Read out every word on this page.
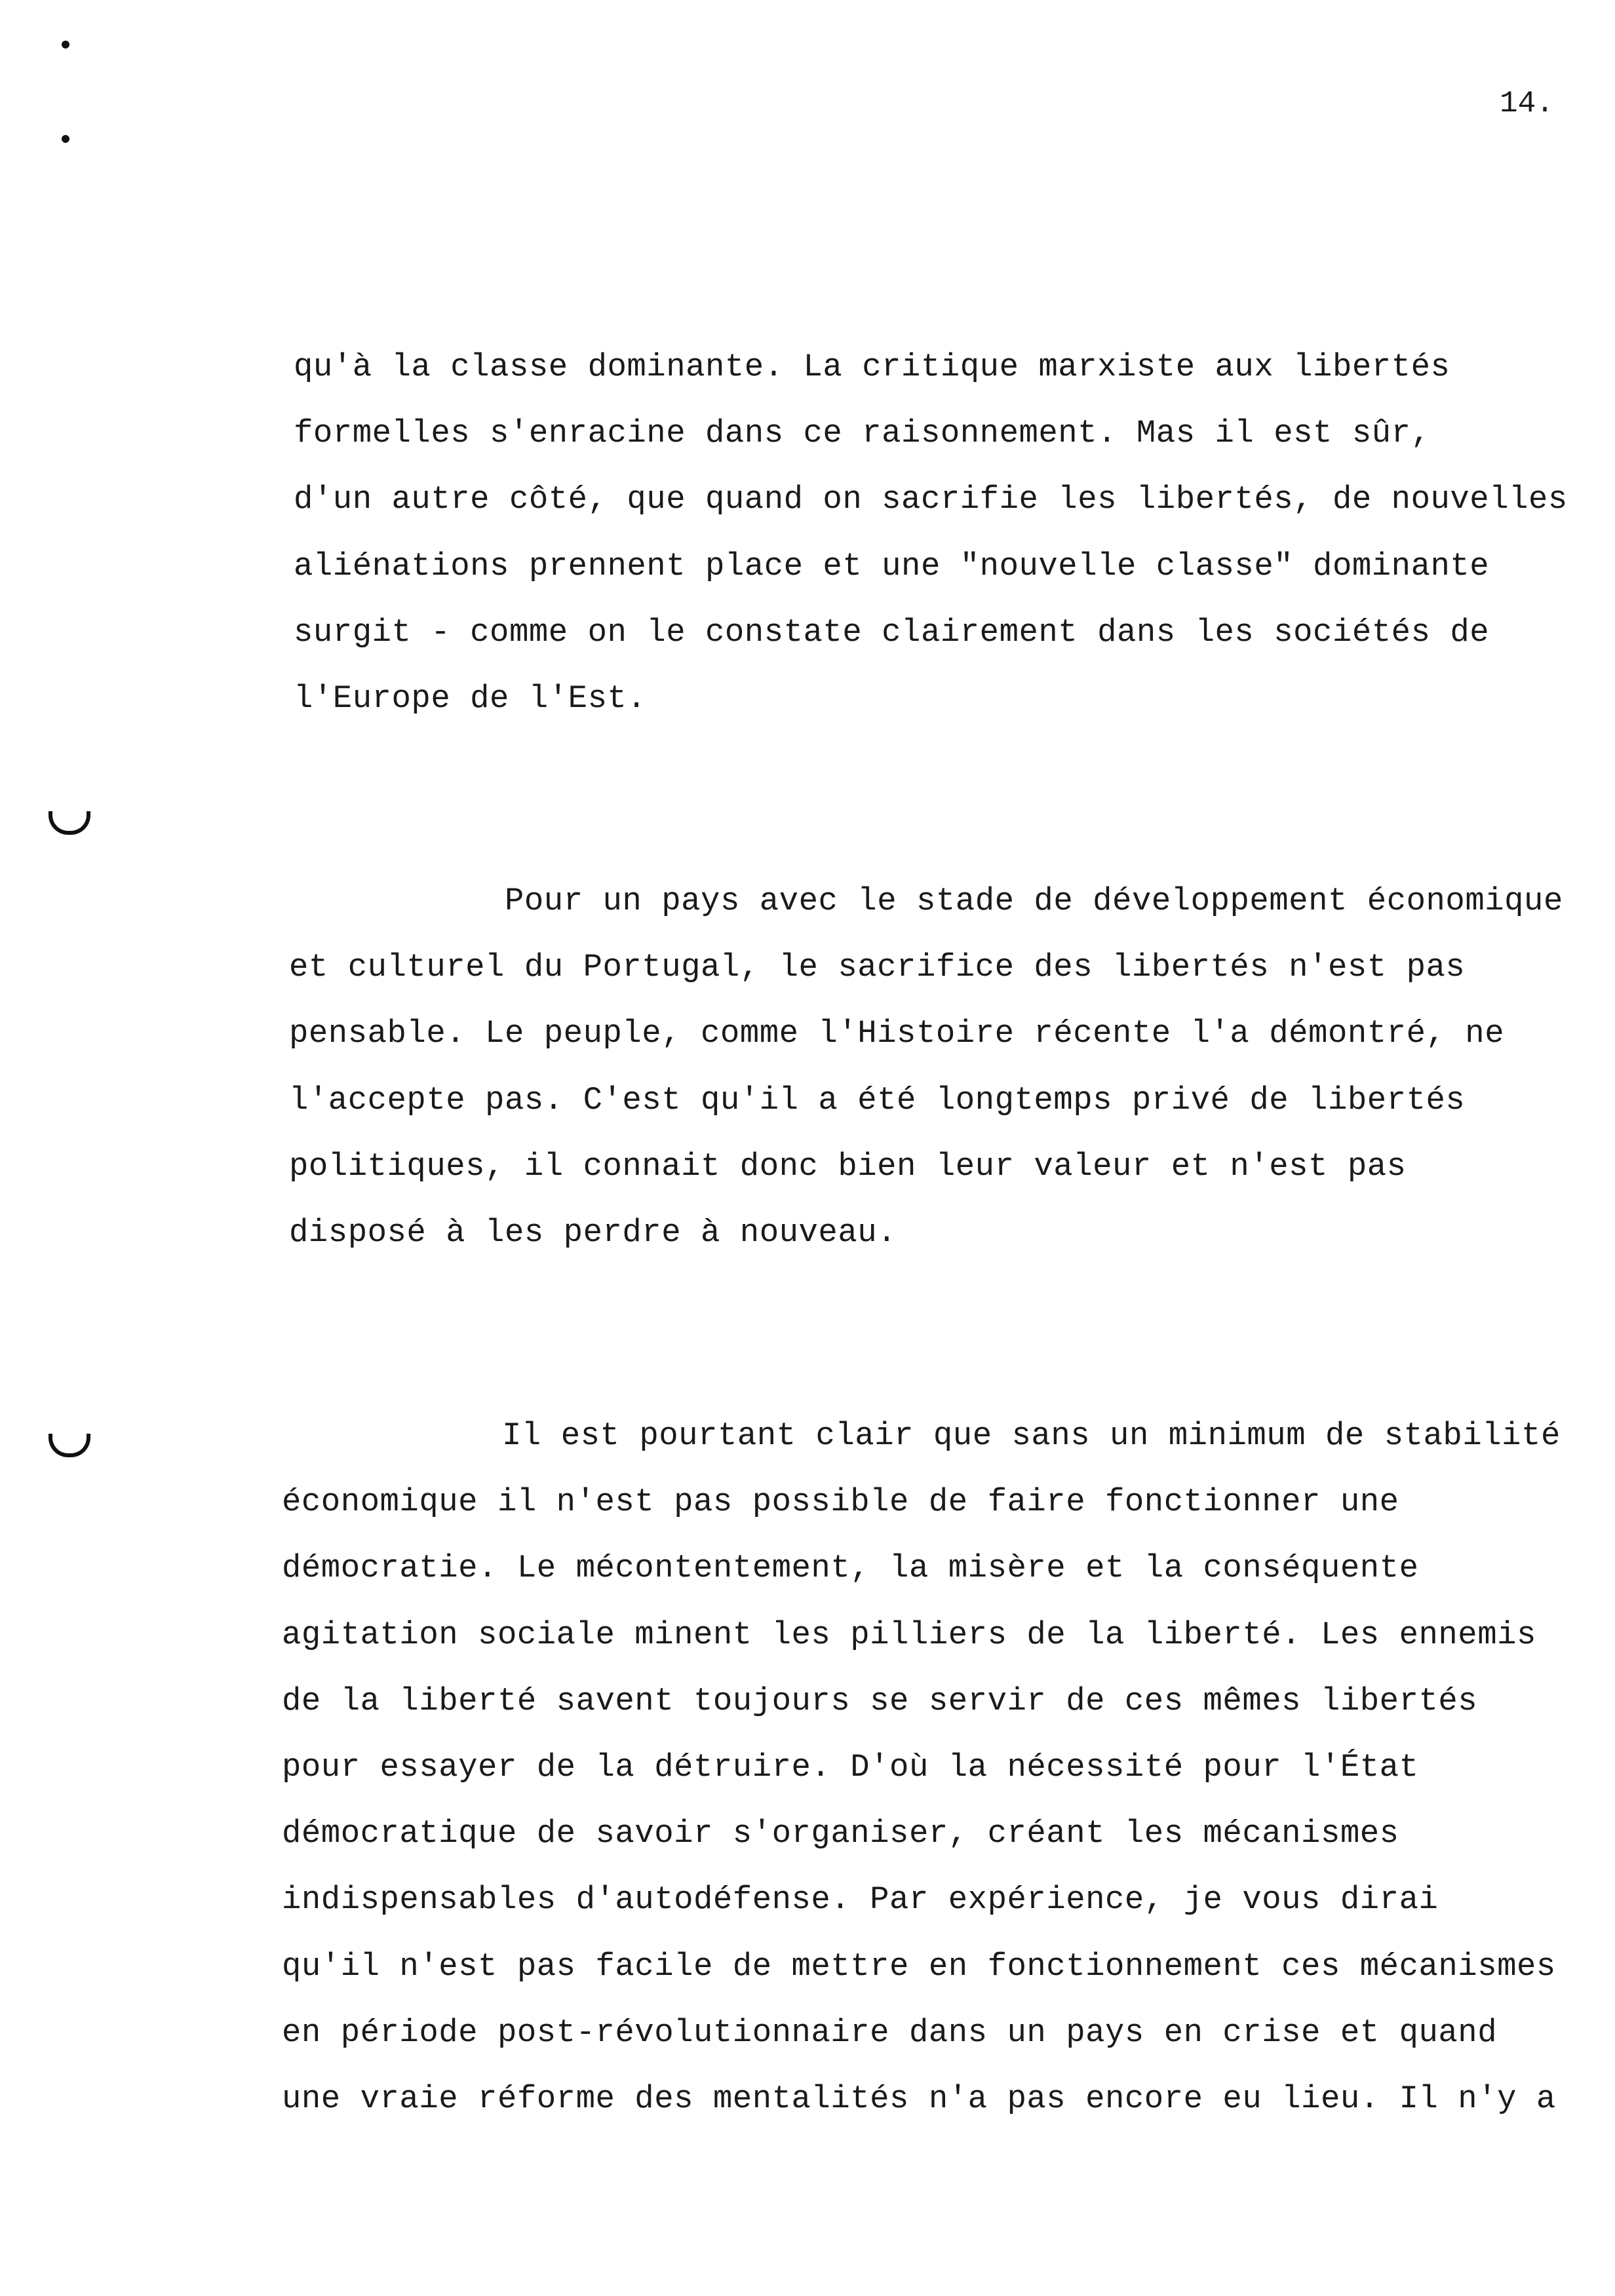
14.
qu'à la classe dominante. La critique marxiste aux libertés
formelles s'enracine dans ce raisonnement. Mas il est sûr,
d'un autre côté, que quand on sacrifie les libertés, de nouvelles
aliénations prennent place et une "nouvelle classe" dominante
surgit - comme on le constate clairement dans les sociétés de
l'Europe de l'Est.
Pour un pays avec le stade de développement économique
et culturel du Portugal, le sacrifice des libertés n'est pas
pensable. Le peuple, comme l'Histoire récente l'a démontré, ne
l'accepte pas. C'est qu'il a été longtemps privé de libertés
politiques, il connait donc bien leur valeur et n'est pas
disposé à les perdre à nouveau.
Il est pourtant clair que sans un minimum de stabilité
économique il n'est pas possible de faire fonctionner une
démocratie. Le mécontentement, la misère et la conséquente
agitation sociale minent les pilliers de la liberté. Les ennemis
de la liberté savent toujours se servir de ces mêmes libertés
pour essayer de la détruire. D'où la nécessité pour l'État
démocratique de savoir s'organiser, créant les mécanismes
indispensables d'autodéfense. Par expérience, je vous dirai
qu'il n'est pas facile de mettre en fonctionnement ces mécanismes
en période post-révolutionnaire dans un pays en crise et quand
une vraie réforme des mentalités n'a pas encore eu lieu. Il n'y a
